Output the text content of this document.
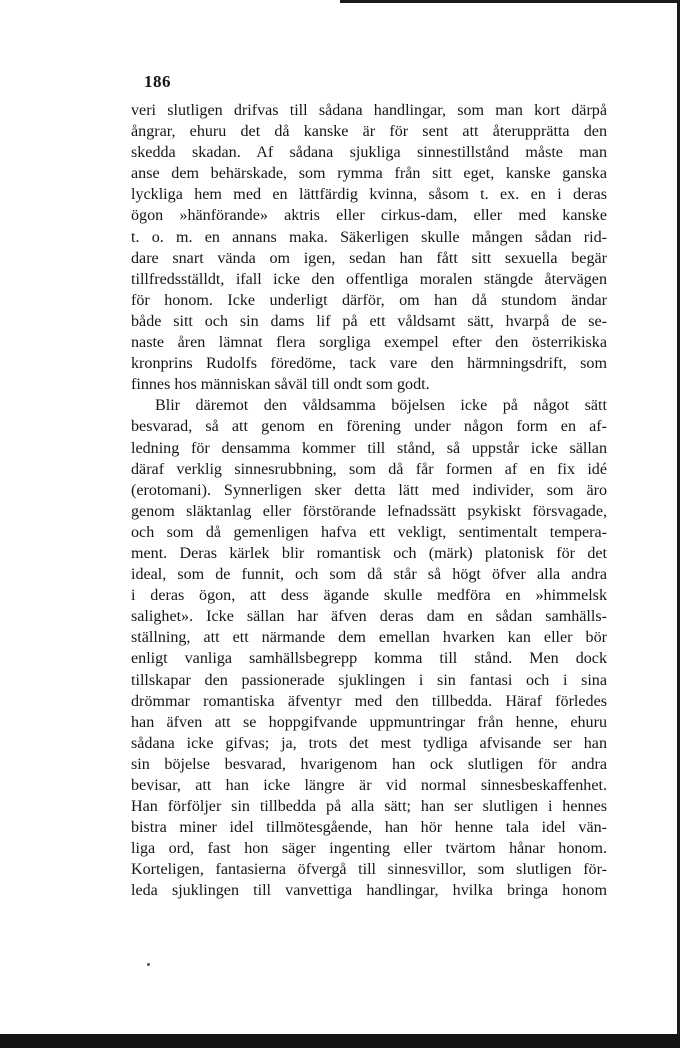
186
veri slutligen drifvas till sådana handlingar, som man kort därpå
ångrar, ehuru det då kanske är för sent att återupprätta den
skedda skadan. Af sådana sjukliga sinnestillstånd måste man
anse dem behärskade, som rymma från sitt eget, kanske ganska
lyckliga hem med en lättfärdig kvinna, såsom t. ex. en i deras
ögon »hänförande» aktris eller cirkus-dam, eller med kanske
t. o. m. en annans maka. Säkerligen skulle mången sådan rid-
dare snart vända om igen, sedan han fått sitt sexuella begär
tillfredsställdt, ifall icke den offentliga moralen stängde återvägen
för honom. Icke underligt därför, om han då stundom ändar
både sitt och sin dams lif på ett våldsamt sätt, hvarpå de se-
naste åren lämnat flera sorgliga exempel efter den österrikiska
kronprins Rudolfs föredöme, tack vare den härmningsdrift, som
finnes hos människan såväl till ondt som godt.
Blir däremot den våldsamma böjelsen icke på något sätt
besvarad, så att genom en förening under någon form en af-
ledning för densamma kommer till stånd, så uppstår icke sällan
däraf verklig sinnesrubbning, som då får formen af en fix idé
(erotomani). Synnerligen sker detta lätt med individer, som äro
genom släktanlag eller förstörande lefnadssätt psykiskt försvagade,
och som då gemenligen hafva ett vekligt, sentimentalt tempera-
ment. Deras kärlek blir romantisk och (märk) platonisk för det
ideal, som de funnit, och som då står så högt öfver alla andra
i deras ögon, att dess ägande skulle medföra en »himmelsk
salighet». Icke sällan har äfven deras dam en sådan samhälls-
ställning, att ett närmande dem emellan hvarken kan eller bör
enligt vanliga samhällsbegrepp komma till stånd. Men dock
tillskapar den passionerade sjuklingen i sin fantasi och i sina
drömmar romantiska äfventyr med den tillbedda. Häraf förledes
han äfven att se hoppgifvande uppmuntringar från henne, ehuru
sådana icke gifvas; ja, trots det mest tydliga afvisande ser han
sin böjelse besvarad, hvarigenom han ock slutligen för andra
bevisar, att han icke längre är vid normal sinnesbeskaffenhet.
Han förföljer sin tillbedda på alla sätt; han ser slutligen i hennes
bistra miner idel tillmötesgående, han hör henne tala idel vän-
liga ord, fast hon säger ingenting eller tvärtom hånar honom.
Korteligen, fantasierna öfvergå till sinnesvillor, som slutligen för-
leda sjuklingen till vanvettiga handlingar, hvilka bringa honom
